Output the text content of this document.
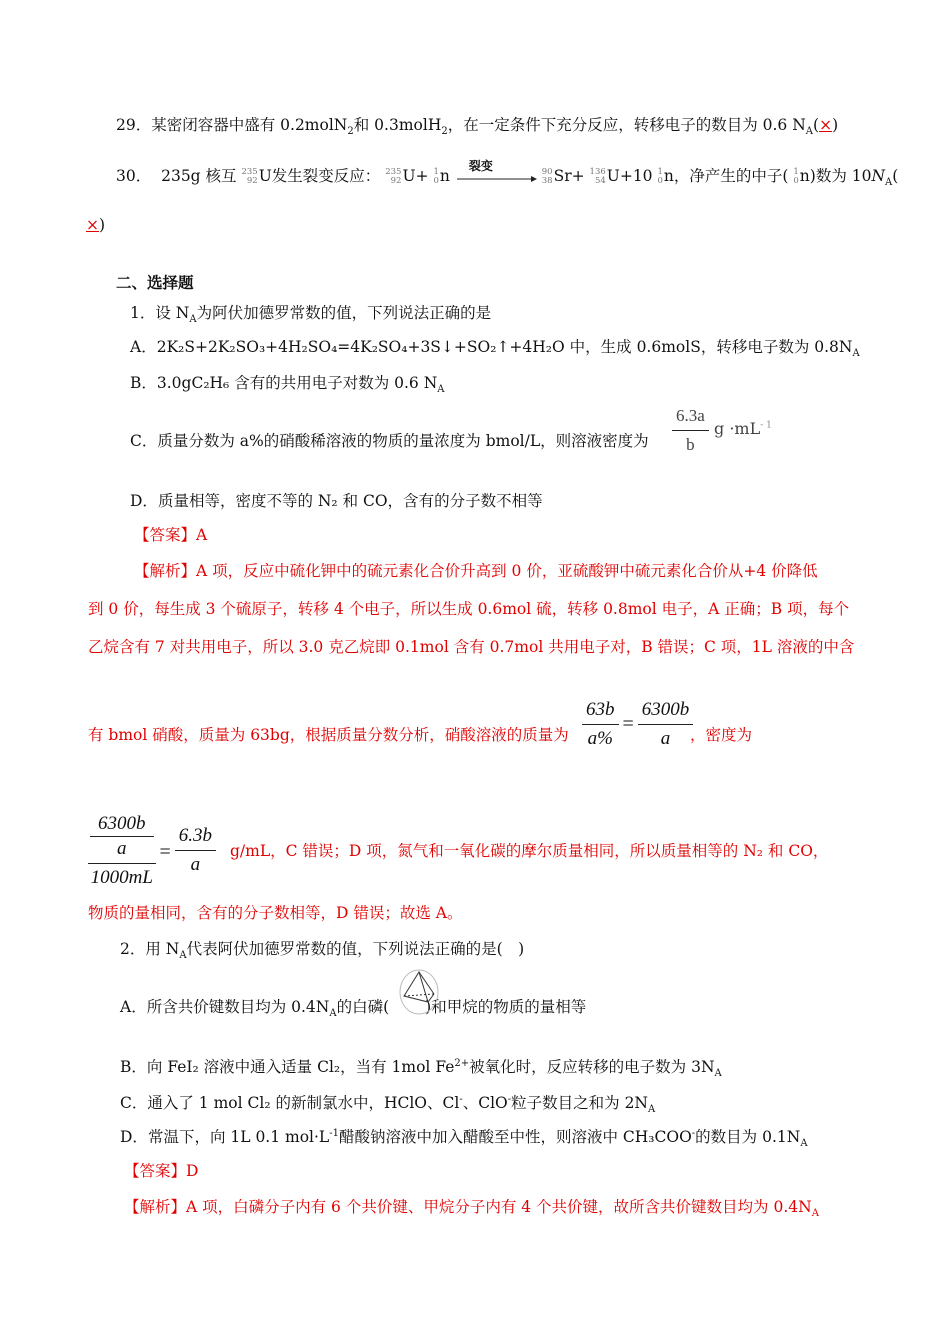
29．某密闭容器中盛有 0.2molN$_2$和 0.3molH$_2$，在一定条件下充分反应，转移电子的数目为 0.6 $N_A(\times)$
30． 235g 核互 235
92 U发生裂变反应： 235
92 U+ 1
0 n
裂变
	90
38 Sr+ 136
54 U+10 1
0 n，净产生的中子( 1
0 n)数为 $10N_A$(
×)
二、选择题
1．设 $N_A$为阿伏加德罗常数的值，下列说法正确的是
A．2K₂S+2K₂SO₃+4H₂SO₄=4K₂SO₄+3S↓+SO₂↑+4H₂O 中，生成 0.6molS，转移电子数为 $0.8N_A$
B．3.0gC₂H₆ 含有的共用电子对数为 0.6 $N_A$
C．质量分数为 a%的硝酸稀溶液的物质的量浓度为 bmol/L，则溶液密度为 $\frac{6.3a}{b}$ $g \cdot mL^{- 1}$
D．质量相等，密度不等的 N₂ 和 CO，含有的分子数不相等
【答案】A
【解析】A 项，反应中硫化钾中的硫元素化合价升高到 0 价，亚硫酸钾中硫元素化合价从+4 价降低
到 0 价，每生成 3 个硫原子，转移 4 个电子，所以生成 0.6mol 硫，转移 0.8mol 电子，A 正确；B 项，每个
乙烷含有 7 对共用电子，所以 3.0 克乙烷即 0.1mol 含有 0.7mol 共用电子对，B 错误；C 项，1L 溶液的中含
有 bmol 硝酸，质量为 63bg，根据质量分数分析，硝酸溶液的质量为 $\frac{63b}{a\%} = \frac{6300b}{a}$
，密度为
6300b
a
$1000mL = \frac{6.3b}{a} g/mL$，C 错误；D 项，氮气和一氧化碳的摩尔质量相同，所以质量相等的 N₂ 和 CO，
物质的量相同，含有的分子数相等，D 错误；故选 A。
2．用 $N_A$代表阿伏加德罗常数的值，下列说法正确的是(　)
A．所含共价键数目均为 $0.4N_A$的白磷( )和甲烷的物质的量相等
B．向 FeI₂ 溶液中通入适量 Cl₂，当有 1mol $Fe^{2+}$被氧化时，反应转移的电子数为 $3N_A$
C．通入了 1 mol Cl₂ 的新制氯水中，HClO、Cl-、ClO-粒子数目之和为 $2N_A$
D．常温下，向 1L 0.1 $mol\cdot L^{-1}$醋酸钠溶液中加入醋酸至中性，则溶液中 CH₃COO-的数目为 $0.1N_A$
【答案】D
【解析】A 项，白磷分子内有 6 个共价键、甲烷分子内有 4 个共价键，故所含共价键数目均为 $0.4N_A$
